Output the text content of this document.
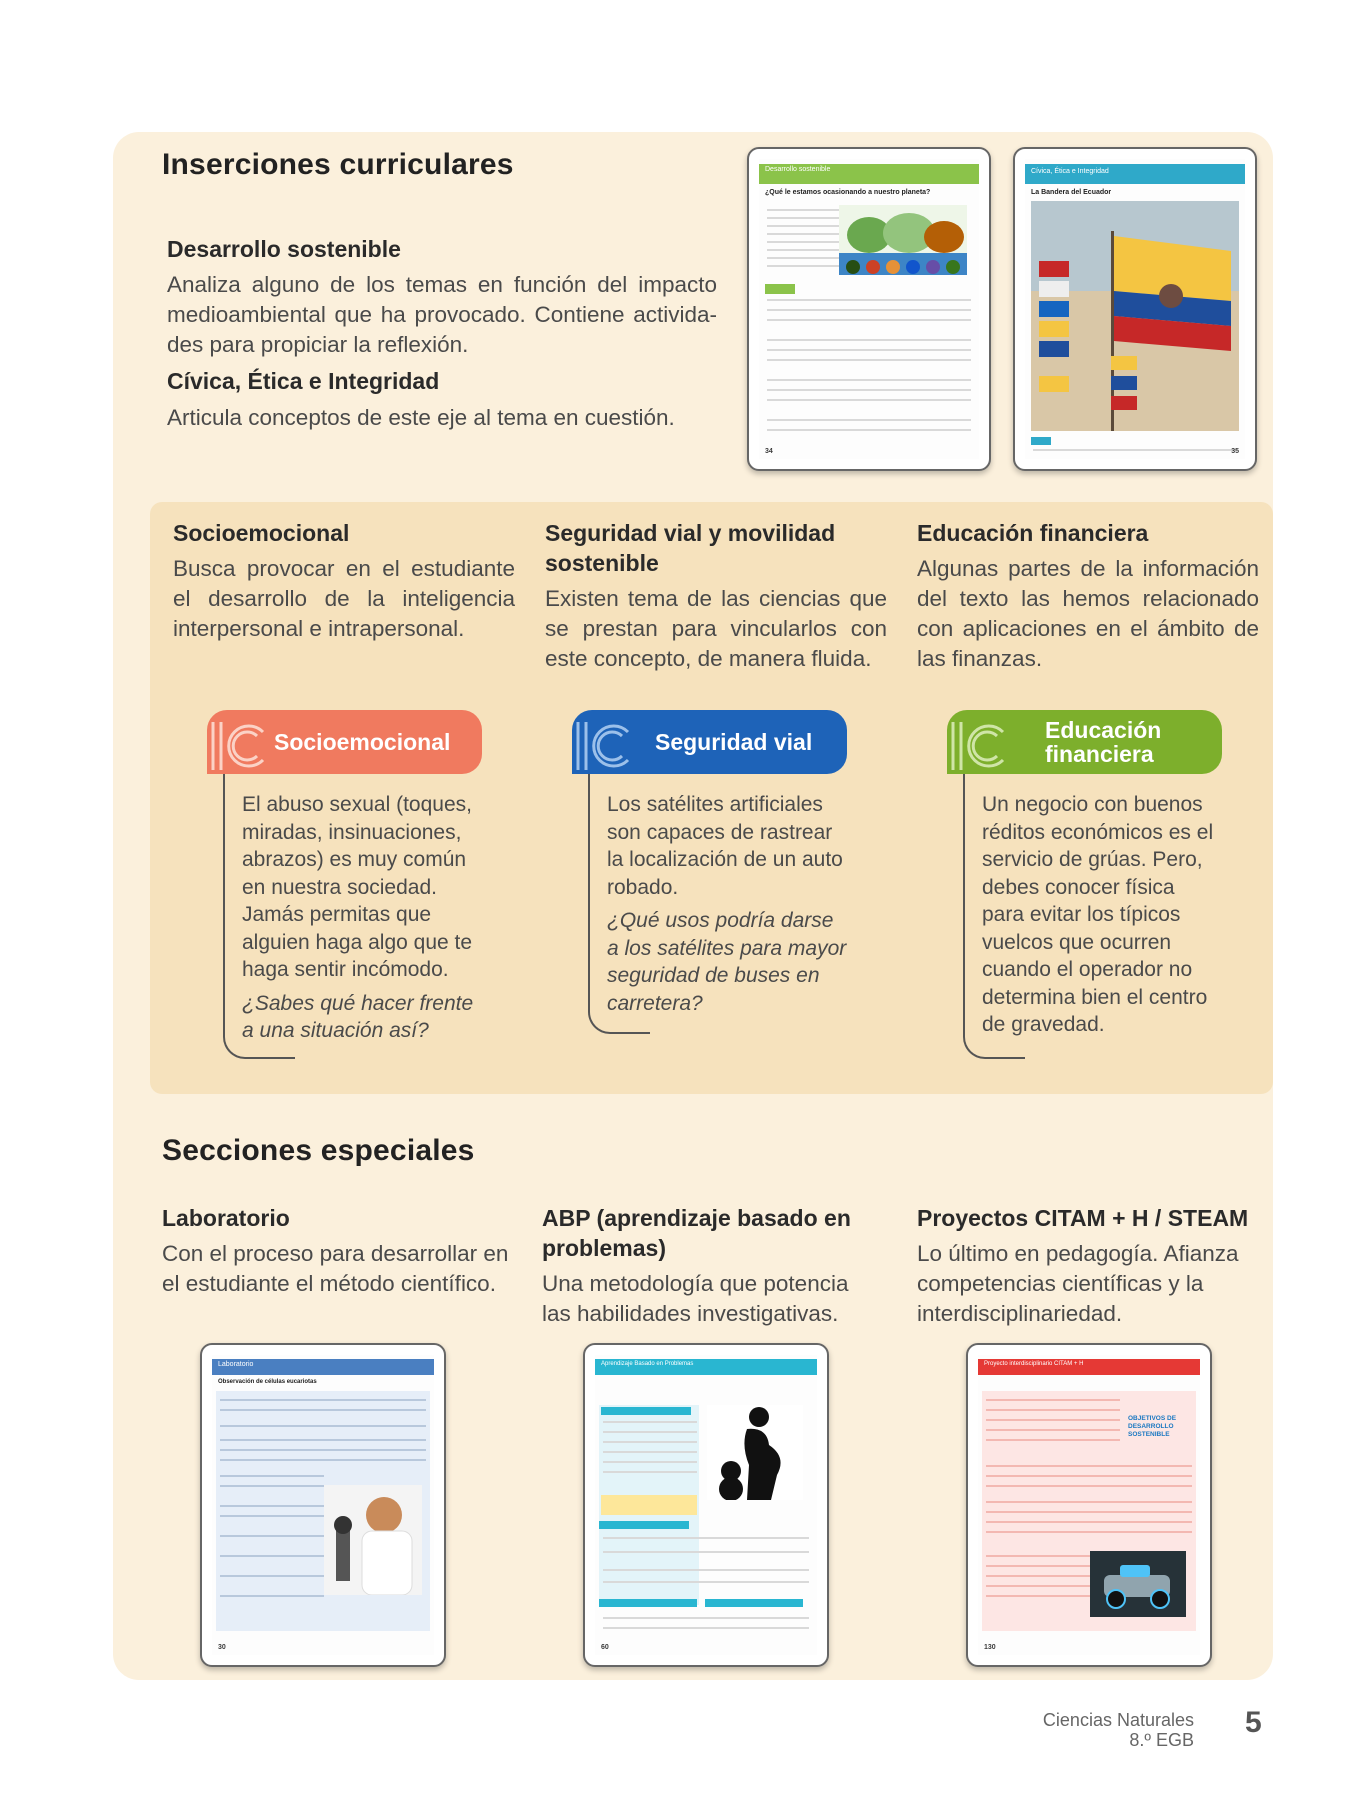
Inserciones curriculares
Desarrollo sostenible
Analiza alguno de los temas en función del impacto medioambiental que ha provocado. Contiene actividades para propiciar la reflexión.
Cívica, Ética e Integridad
Articula conceptos de este eje al tema en cuestión.
Desarrollo sostenible
¿Qué le estamos ocasionando a nuestro planeta?
34
Cívica, Ética e Integridad
La Bandera del Ecuador
35
Socioemocional
Busca provocar en el estudiante el desarrollo de la inteligencia interpersonal e intrapersonal.
Seguridad vial y movilidad sostenible
Existen tema de las ciencias que se prestan para vincularlos con este concepto, de manera fluida.
Educación financiera
Algunas partes de la información del texto las hemos relacionado con aplicaciones en el ámbito de las finanzas.
Socioemocional
El abuso sexual (toques, miradas, insinuaciones, abrazos) es muy común en nuestra sociedad. Jamás permitas que alguien haga algo que te haga sentir incómodo.
¿Sabes qué hacer frente a una situación así?
Seguridad vial
Los satélites artificiales son capaces de rastrear la localización de un auto robado.
¿Qué usos podría darse a los satélites para mayor seguridad de buses en carretera?
Educación financiera
Un negocio con buenos réditos económicos es el servicio de grúas. Pero, debes conocer física para evitar los típicos vuelcos que ocurren cuando el operador no determina bien el centro de gravedad.
Secciones especiales
Laboratorio
Con el proceso para desarrollar en el estudiante el método científico.
ABP (aprendizaje basado en problemas)
Una metodología que potencia las habilidades investigativas.
Proyectos CITAM + H / STEAM
Lo último en pedagogía. Afianza competencias científicas y la interdisciplinariedad.
Laboratorio
Observación de células eucariotas
30
Aprendizaje Basado en Problemas
60
Proyecto interdisciplinario CITAM + H
OBJETIVOS DE DESARROLLO SOSTENIBLE
130
Ciencias Naturales
8.º EGB
5
